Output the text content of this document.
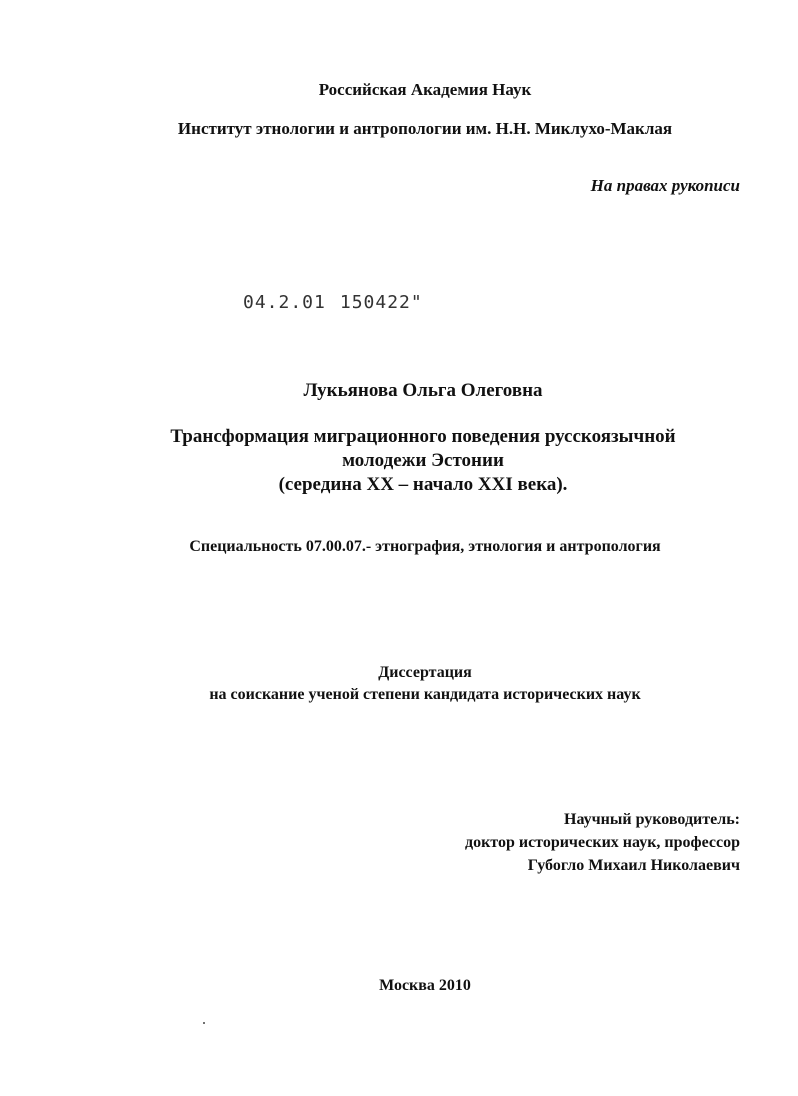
Российская Академия Наук
Институт этнологии и антропологии им. Н.Н. Миклухо-Маклая
На правах рукописи
04.2.01 150422"
Лукьянова Ольга Олеговна
Трансформация миграционного поведения русскоязычной
молодежи Эстонии
(середина ХХ – начало XXI века).
Специальность 07.00.07.- этнография, этнология и антропология
Диссертация
на соискание ученой степени кандидата исторических наук
Научный руководитель:
доктор исторических наук, профессор
Губогло Михаил Николаевич
Москва 2010
